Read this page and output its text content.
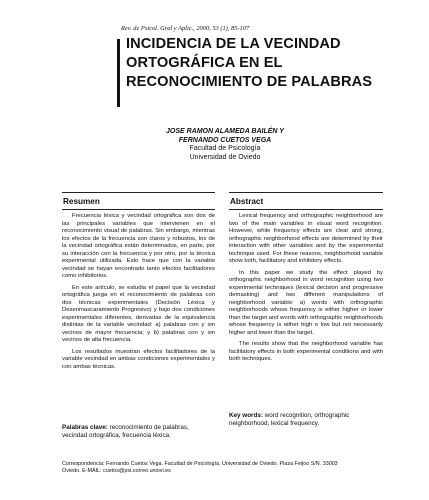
Rev. de Psicol. Gral y Aplic., 2000, 53 (1), 85-107
INCIDENCIA DE LA VECINDAD
ORTOGRÁFICA EN EL
RECONOCIMIENTO DE PALABRAS
JOSE RAMON ALAMEDA BAILÉN Y
FERNANDO CUETOS VEGA
Facultad de Psicología
Universidad de Oviedo
Resumen

Frecuencia léxica y vecindad ortográfica son dos de las principales variables que intervienen en el reconocimiento visual de palabras. Sin embargo, mientras los efectos de la frecuencia son claros y robustos, los de la vecindad ortográfica están determinados, en parte, por su interacción con la frecuencia y por otro, por la técnica experimental utilizada. Esto hace que con la variable vecindad se hayan encontrado tanto efectos facilitadores como inhibitorios.

En este artículo, se estudia el papel que la vecindad ortográfica juega en el reconocimiento de palabras con dos técnicas experimentales (Decisión Léxica y Desenmascaramiento Progresivo) y bajo dos condiciones experimentales diferentes, derivadas de la equivalencia distintas de la variable vecindad: a) palabras con y sin vecinos de mayor frecuencia; y b) palabras con y sin vecinos de alta frecuencia.

Los resultados muestran efectos facilitadores de la variable vecindad en ambas condiciones experimentales y con ambas técnicas.

Palabras clave: reconocimiento de palabras, vecindad ortográfica, frecuencia léxica.
Abstract

Lexical frequency and orthographic neighborhood are two of the main variables in visual word recognition. However, while frequency effects are clear and strong, orthographic neighborhood effects are determined by their interaction with other variables and by the experimental technique used. For these reasons, neighborhood variable show both, facilitatory and inhibitory effects.

In this paper we study the effect played by orthographic neighborhood in word recognition using two experimental techniques (lexical decision and progressive demasking) and two different manipulations of neighborhood variable: a) words with orthographic neighborhoods whose frequency is either higher or lower than the target and words with orthographic neighborhoods whose frequency is either high o low but not necessarily higher and lower than the target.

The results show that the neighborhood variable has facilitatory effects in both experimental conditions and with both techniques.

Key words: word recognition, orthographic neighborhood, lexical frequency.
Correspondencia: Fernando Cuetos Vega. Facultad de Psicología. Universidad de Oviedo. Plaza Feijoo S/N. 33003
Oviedo. E-MAIL: cuetos@psi.correo.uniovi.es
